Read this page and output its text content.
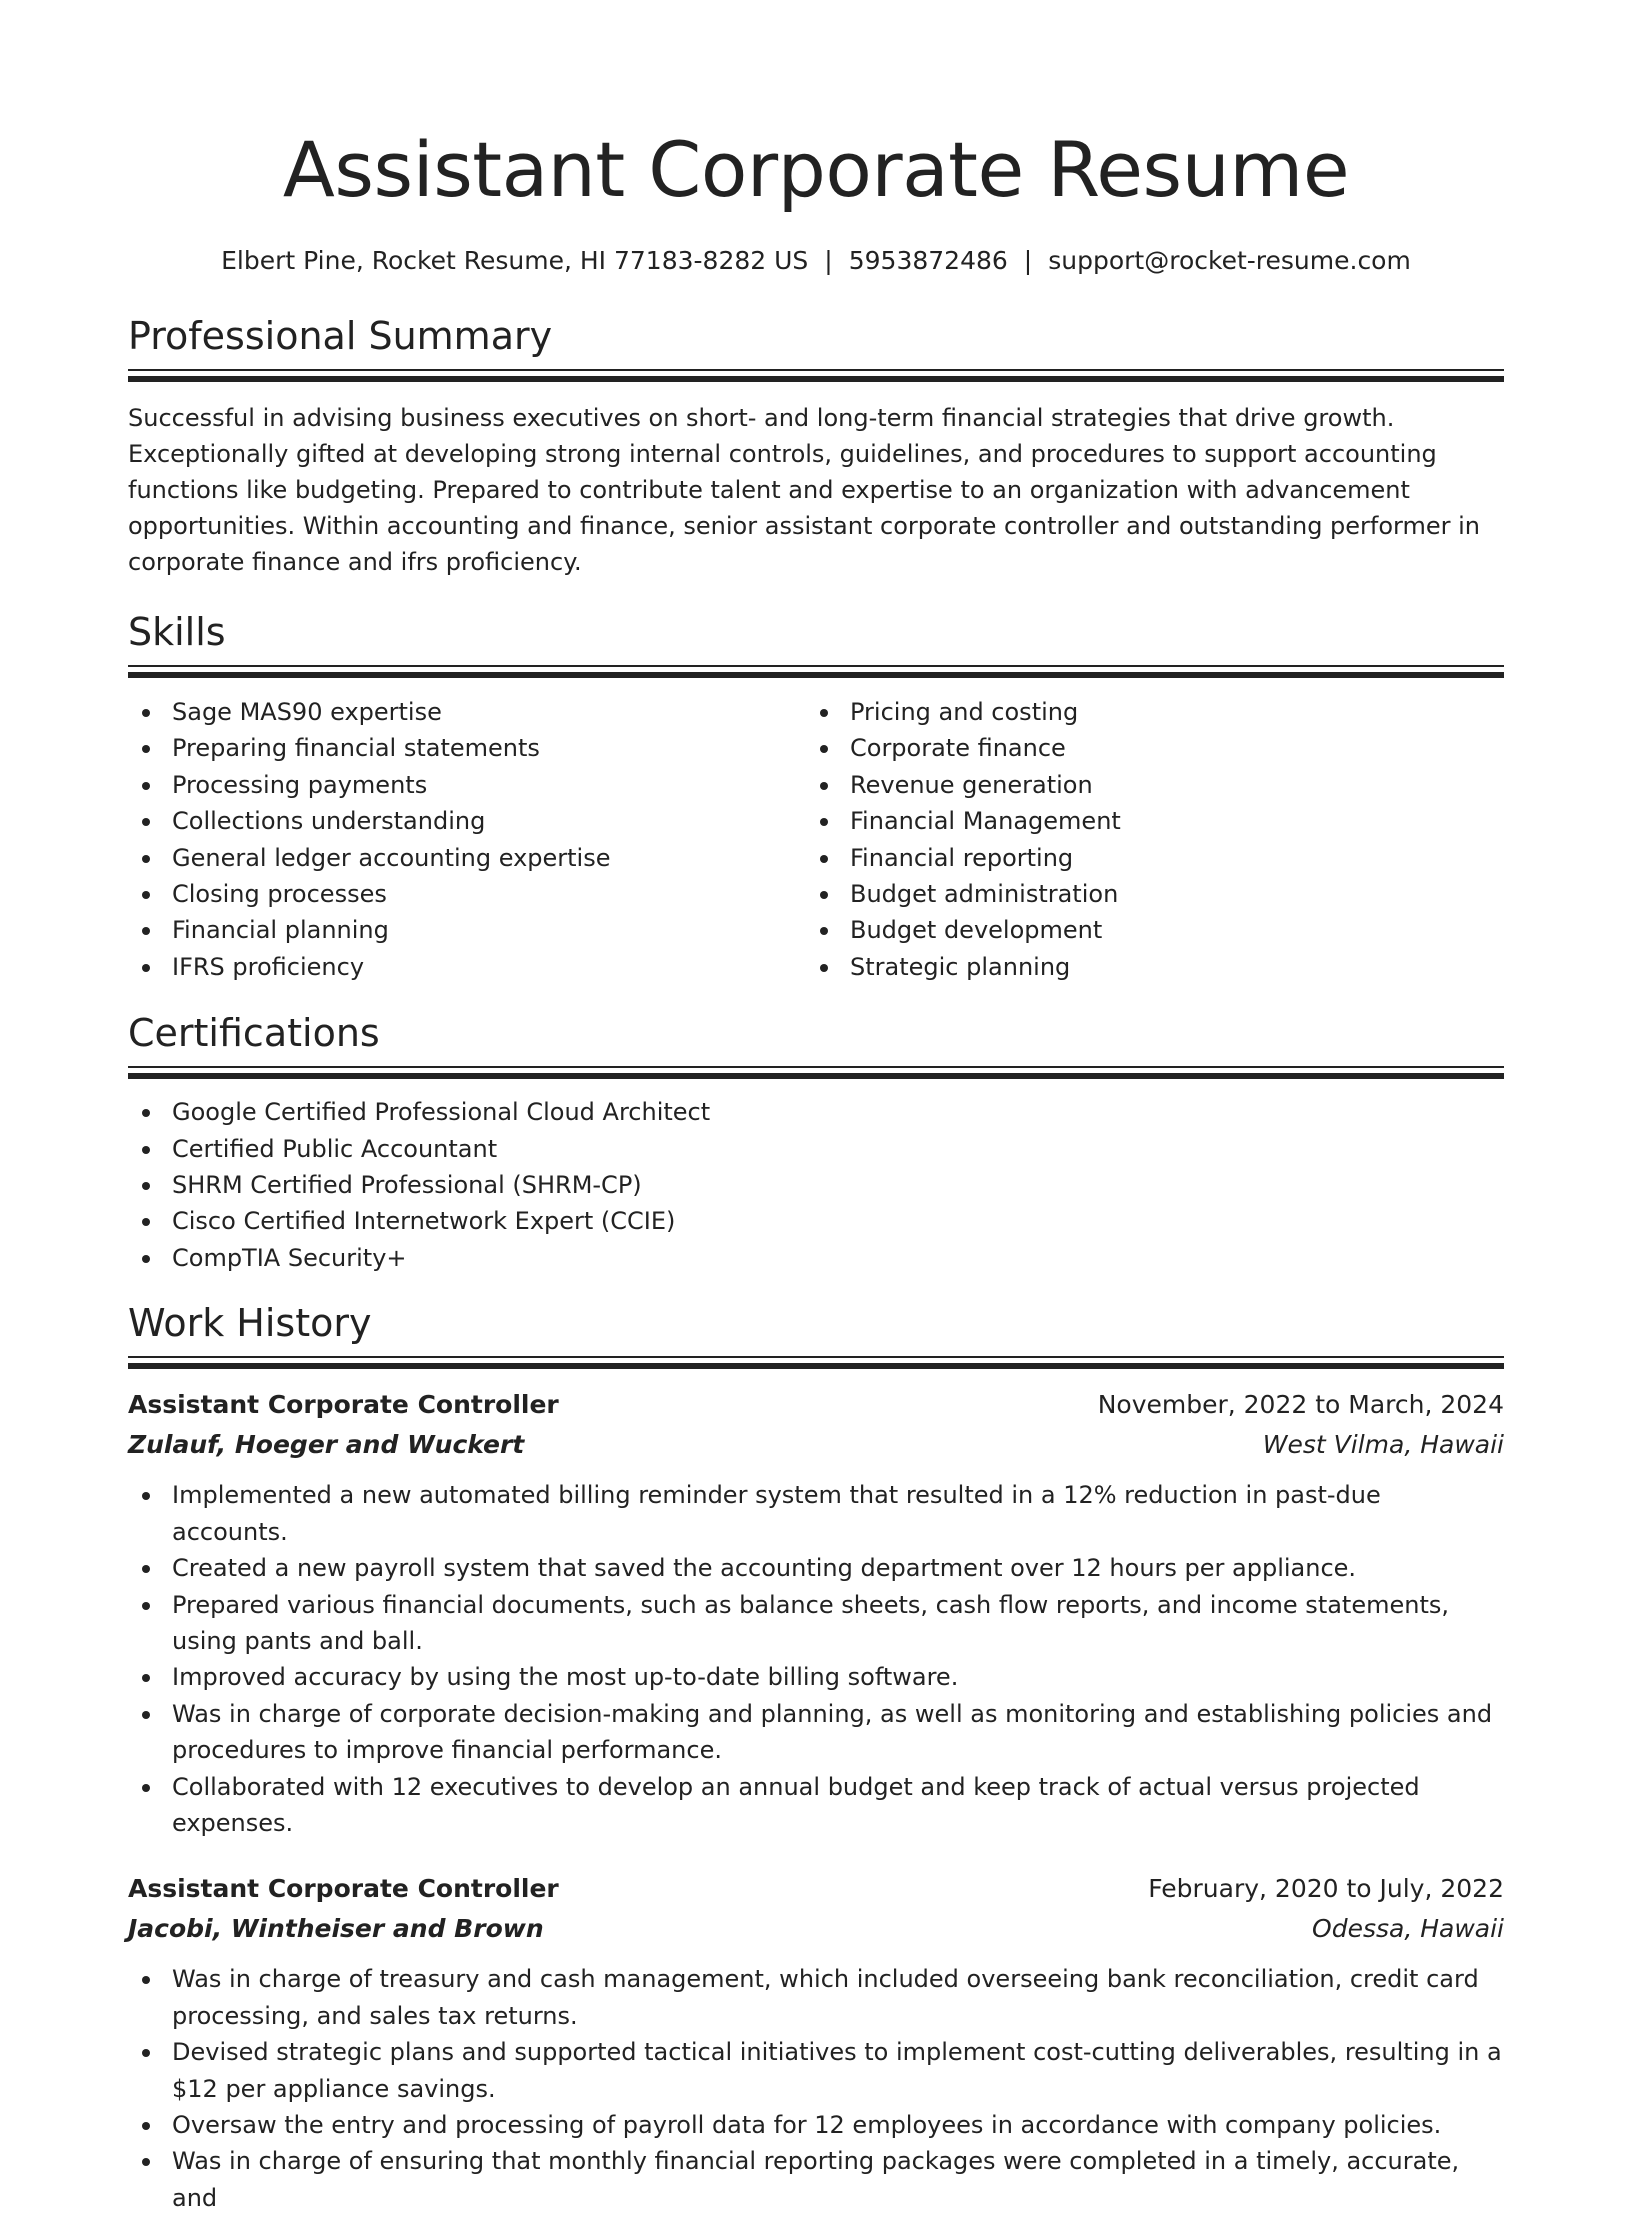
Assistant Corporate Resume
Elbert Pine, Rocket Resume, HI 77183-8282 US | 5953872486 | support@rocket-resume.com
Professional Summary

Successful in advising business executives on short- and long-term financial strategies that drive growth. Exceptionally gifted at developing strong internal controls, guidelines, and procedures to support accounting functions like budgeting. Prepared to contribute talent and expertise to an organization with advancement opportunities. Within accounting and finance, senior assistant corporate controller and outstanding performer in corporate finance and ifrs proficiency.

Skills
Sage MAS90 expertise
Preparing financial statements
Processing payments
Collections understanding
General ledger accounting expertise
Closing processes
Financial planning
IFRS proficiency
Pricing and costing
Corporate finance
Revenue generation
Financial Management
Financial reporting
Budget administration
Budget development
Strategic planning
Certifications
Google Certified Professional Cloud Architect
Certified Public Accountant
SHRM Certified Professional (SHRM-CP)
Cisco Certified Internetwork Expert (CCIE)
CompTIA Security+
Work History
Assistant Corporate Controller	November, 2022 to March, 2024
Zulauf, Hoeger and Wuckert	West Vilma, Hawaii
Implemented a new automated billing reminder system that resulted in a 12% reduction in past-due accounts.
Created a new payroll system that saved the accounting department over 12 hours per appliance.
Prepared various financial documents, such as balance sheets, cash flow reports, and income statements, using pants and ball.
Improved accuracy by using the most up-to-date billing software.
Was in charge of corporate decision-making and planning, as well as monitoring and establishing policies and procedures to improve financial performance.
Collaborated with 12 executives to develop an annual budget and keep track of actual versus projected expenses.
Assistant Corporate Controller	February, 2020 to July, 2022
Jacobi, Wintheiser and Brown	Odessa, Hawaii
Was in charge of treasury and cash management, which included overseeing bank reconciliation, credit card processing, and sales tax returns.
Devised strategic plans and supported tactical initiatives to implement cost-cutting deliverables, resulting in a $12 per appliance savings.
Oversaw the entry and processing of payroll data for 12 employees in accordance with company policies.
Was in charge of ensuring that monthly financial reporting packages were completed in a timely, accurate, and
